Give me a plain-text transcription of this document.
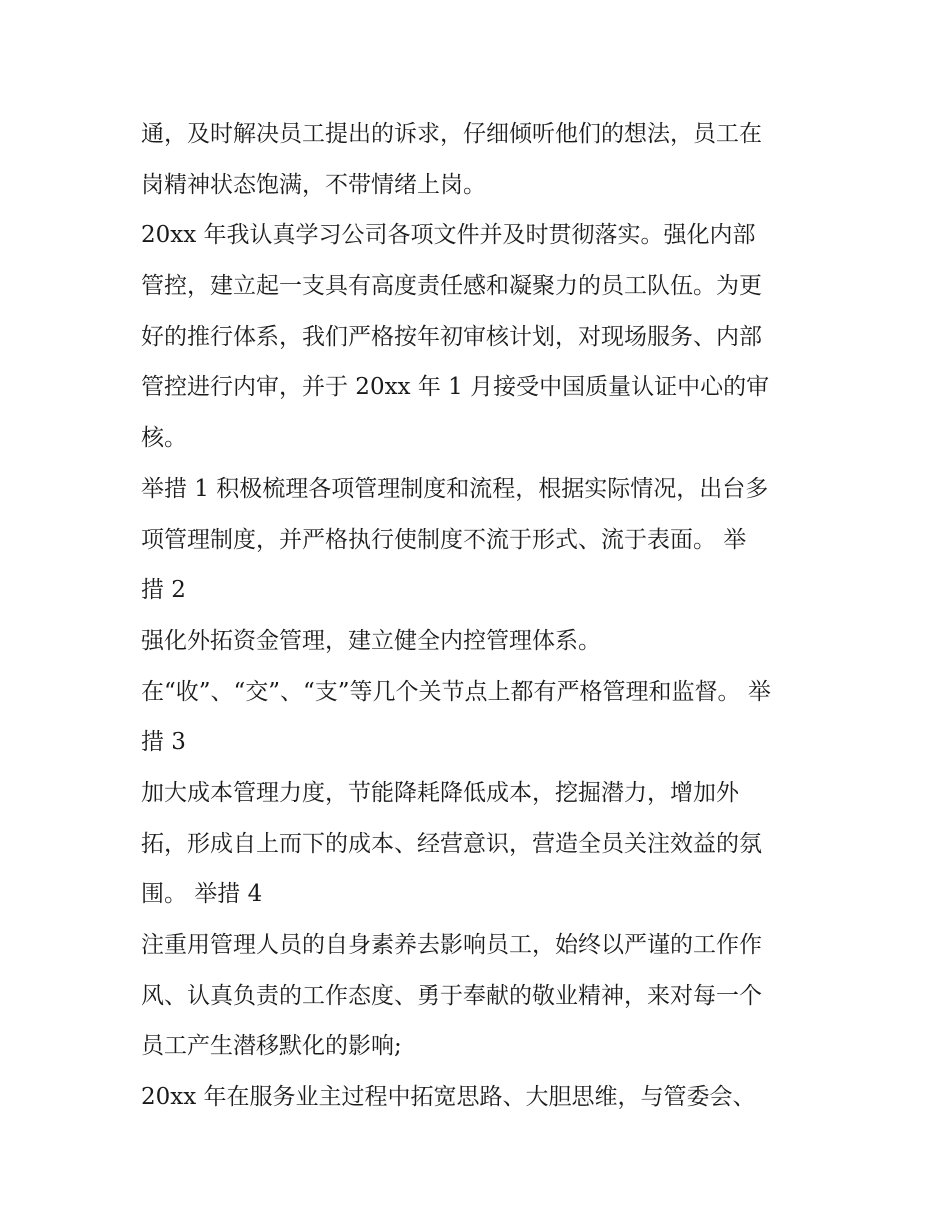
通，及时解决员工提出的诉求，仔细倾听他们的想法，员工在
岗精神状态饱满，不带情绪上岗。
20xx 年我认真学习公司各项文件并及时贯彻落实。强化内部
管控，建立起一支具有高度责任感和凝聚力的员工队伍。为更
好的推行体系，我们严格按年初审核计划，对现场服务、内部
管控进行内审，并于 20xx 年 1 月接受中国质量认证中心的审
核。
举措 1 积极梳理各项管理制度和流程，根据实际情况，出台多
项管理制度，并严格执行使制度不流于形式、流于表面。 举
措 2
强化外拓资金管理，建立健全内控管理体系。
在“收”、“交”、“支”等几个关节点上都有严格管理和监督。 举
措 3
加大成本管理力度，节能降耗降低成本，挖掘潜力，增加外
拓，形成自上而下的成本、经营意识，营造全员关注效益的氛
围。 举措 4
注重用管理人员的自身素养去影响员工，始终以严谨的工作作
风、认真负责的工作态度、勇于奉献的敬业精神，来对每一个
员工产生潜移默化的影响;
20xx 年在服务业主过程中拓宽思路、大胆思维，与管委会、
